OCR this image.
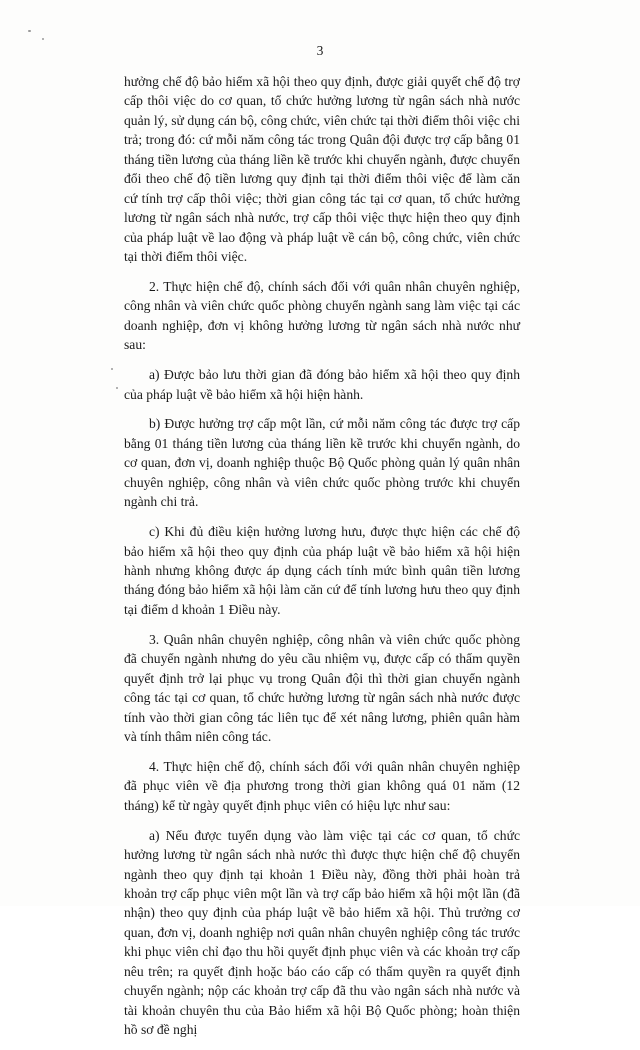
3

hưởng chế độ bảo hiểm xã hội theo quy định, được giải quyết chế độ trợ cấp thôi việc do cơ quan, tổ chức hưởng lương từ ngân sách nhà nước quản lý, sử dụng cán bộ, công chức, viên chức tại thời điểm thôi việc chi trả; trong đó: cứ mỗi năm công tác trong Quân đội được trợ cấp bằng 01 tháng tiền lương của tháng liền kề trước khi chuyển ngành, được chuyển đổi theo chế độ tiền lương quy định tại thời điểm thôi việc để làm căn cứ tính trợ cấp thôi việc; thời gian công tác tại cơ quan, tổ chức hưởng lương từ ngân sách nhà nước, trợ cấp thôi việc thực hiện theo quy định của pháp luật về lao động và pháp luật về cán bộ, công chức, viên chức tại thời điểm thôi việc.

2. Thực hiện chế độ, chính sách đối với quân nhân chuyên nghiệp, công nhân và viên chức quốc phòng chuyển ngành sang làm việc tại các doanh nghiệp, đơn vị không hưởng lương từ ngân sách nhà nước như sau:

a) Được bảo lưu thời gian đã đóng bảo hiểm xã hội theo quy định của pháp luật về bảo hiểm xã hội hiện hành.

b) Được hưởng trợ cấp một lần, cứ mỗi năm công tác được trợ cấp bằng 01 tháng tiền lương của tháng liền kề trước khi chuyển ngành, do cơ quan, đơn vị, doanh nghiệp thuộc Bộ Quốc phòng quản lý quân nhân chuyên nghiệp, công nhân và viên chức quốc phòng trước khi chuyển ngành chi trả.

c) Khi đủ điều kiện hưởng lương hưu, được thực hiện các chế độ bảo hiểm xã hội theo quy định của pháp luật về bảo hiểm xã hội hiện hành nhưng không được áp dụng cách tính mức bình quân tiền lương tháng đóng bảo hiểm xã hội làm căn cứ để tính lương hưu theo quy định tại điểm d khoản 1 Điều này.

3. Quân nhân chuyên nghiệp, công nhân và viên chức quốc phòng đã chuyển ngành nhưng do yêu cầu nhiệm vụ, được cấp có thẩm quyền quyết định trở lại phục vụ trong Quân đội thì thời gian chuyển ngành công tác tại cơ quan, tổ chức hưởng lương từ ngân sách nhà nước được tính vào thời gian công tác liên tục để xét nâng lương, phiên quân hàm và tính thâm niên công tác.

4. Thực hiện chế độ, chính sách đối với quân nhân chuyên nghiệp đã phục viên về địa phương trong thời gian không quá 01 năm (12 tháng) kể từ ngày quyết định phục viên có hiệu lực như sau:

a) Nếu được tuyển dụng vào làm việc tại các cơ quan, tổ chức hưởng lương từ ngân sách nhà nước thì được thực hiện chế độ chuyển ngành theo quy định tại khoản 1 Điều này, đồng thời phải hoàn trả khoản trợ cấp phục viên một lần và trợ cấp bảo hiểm xã hội một lần (đã nhận) theo quy định của pháp luật về bảo hiểm xã hội. Thủ trưởng cơ quan, đơn vị, doanh nghiệp nơi quân nhân chuyên nghiệp công tác trước khi phục viên chỉ đạo thu hồi quyết định phục viên và các khoản trợ cấp nêu trên; ra quyết định hoặc báo cáo cấp có thẩm quyền ra quyết định chuyển ngành; nộp các khoản trợ cấp đã thu vào ngân sách nhà nước và tài khoản chuyên thu của Bảo hiểm xã hội Bộ Quốc phòng; hoàn thiện hồ sơ đề nghị
